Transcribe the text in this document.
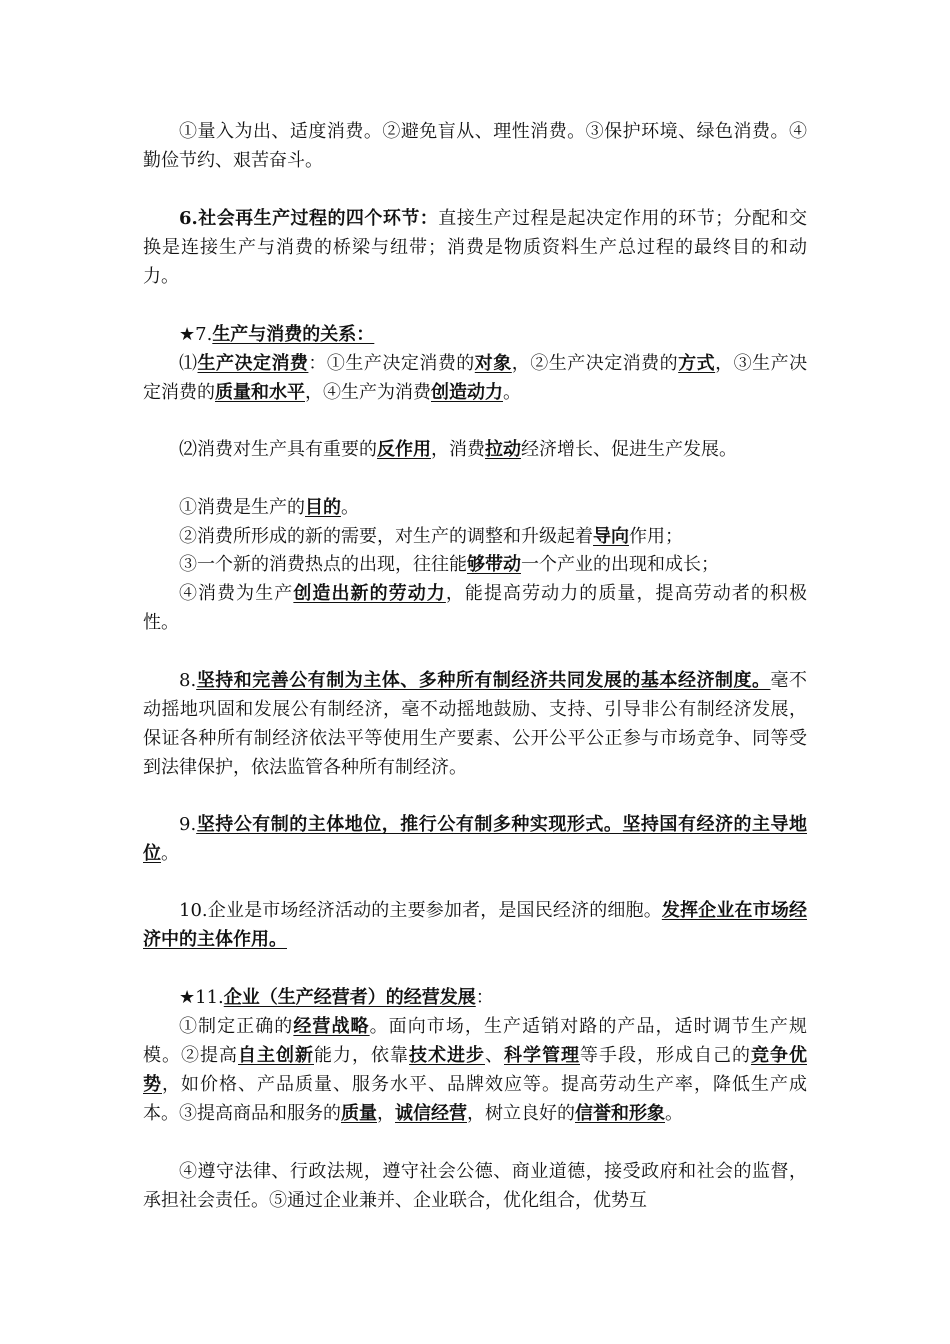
①量入为出、适度消费。②避免盲从、理性消费。③保护环境、绿色消费。④勤俭节约、艰苦奋斗。

6.社会再生产过程的四个环节：直接生产过程是起决定作用的环节；分配和交换是连接生产与消费的桥梁与纽带；消费是物质资料生产总过程的最终目的和动力。

★7.生产与消费的关系：

⑴生产决定消费：①生产决定消费的对象，②生产决定消费的方式，③生产决定消费的质量和水平，④生产为消费创造动力。

⑵消费对生产具有重要的反作用，消费拉动经济增长、促进生产发展。

①消费是生产的目的。

②消费所形成的新的需要，对生产的调整和升级起着导向作用；

③一个新的消费热点的出现，往往能够带动一个产业的出现和成长；

④消费为生产创造出新的劳动力，能提高劳动力的质量，提高劳动者的积极性。

8.坚持和完善公有制为主体、多种所有制经济共同发展的基本经济制度。毫不动摇地巩固和发展公有制经济，毫不动摇地鼓励、支持、引导非公有制经济发展，保证各种所有制经济依法平等使用生产要素、公开公平公正参与市场竞争、同等受到法律保护，依法监管各种所有制经济。

9.坚持公有制的主体地位，推行公有制多种实现形式。坚持国有经济的主导地位。

10.企业是市场经济活动的主要参加者，是国民经济的细胞。发挥企业在市场经济中的主体作用。

★11.企业（生产经营者）的经营发展：

①制定正确的经营战略。面向市场，生产适销对路的产品，适时调节生产规模。②提高自主创新能力，依靠技术进步、科学管理等手段，形成自己的竞争优势，如价格、产品质量、服务水平、品牌效应等。提高劳动生产率，降低生产成本。③提高商品和服务的质量，诚信经营，树立良好的信誉和形象。

④遵守法律、行政法规，遵守社会公德、商业道德，接受政府和社会的监督，承担社会责任。⑤通过企业兼并、企业联合，优化组合，优势互
